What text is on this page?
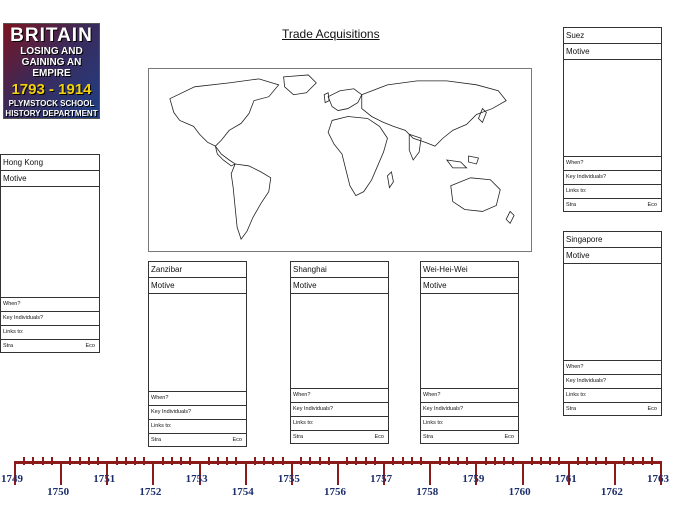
BRITAIN
LOSING AND
GAINING AN EMPIRE
1793 - 1914
PLYMSTOCK SCHOOL
HISTORY DEPARTMENT
Trade Acquisitions
Hong Kong
Motive
When?
Key Individuals?
Links to:
Stra	Eco
Suez
Motive
When?
Key Individuals?
Links to:
Stra	Eco
Singapore
Motive
When?
Key Individuals?
Links to:
Stra	Eco
Zanzibar
Motive
When?
Key Individuals?
Links to:
Stra	Eco
Shanghai
Motive
When?
Key Individuals?
Links to:
Stra	Eco
Wei-Hei-Wei
Motive
When?
Key Individuals?
Links to:
Stra	Eco
1749
1750
1751
1752
1753
1754
1755
1756
1757
1758
1759
1760
1761
1762
1763
